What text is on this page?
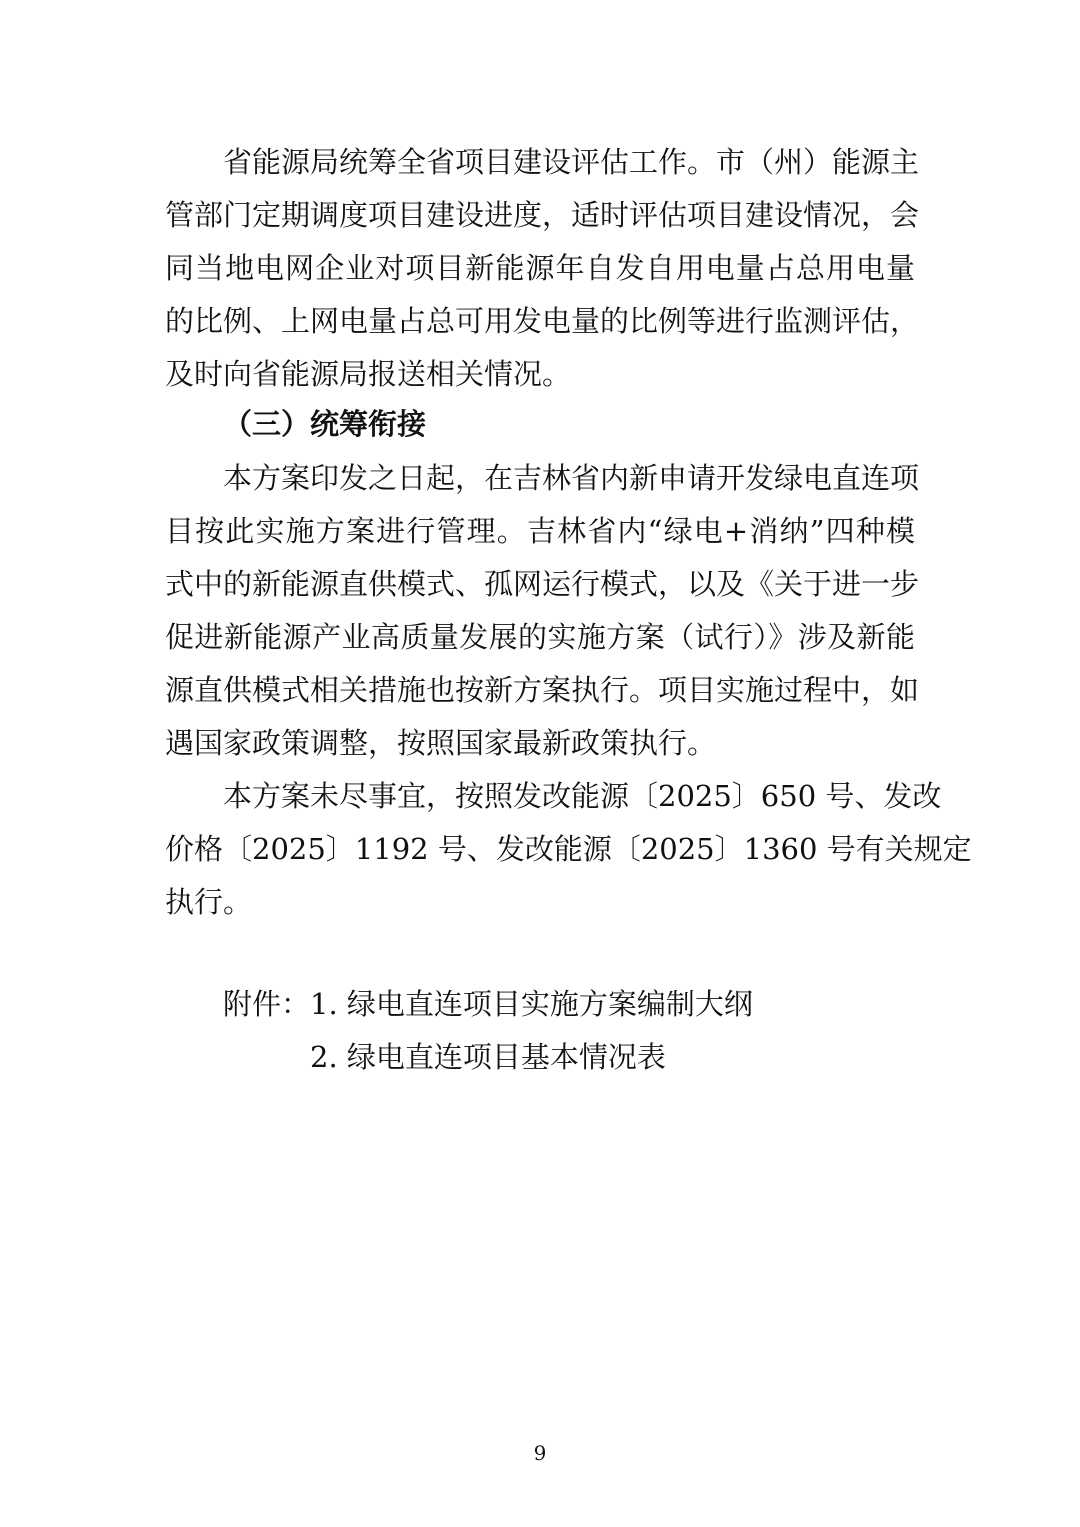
省能源局统筹全省项目建设评估工作。市（州）能源主

管部门定期调度项目建设进度，适时评估项目建设情况，会

同当地电网企业对项目新能源年自发自用电量占总用电量

的比例、上网电量占总可用发电量的比例等进行监测评估，

及时向省能源局报送相关情况。

（三）统筹衔接

本方案印发之日起，在吉林省内新申请开发绿电直连项

目按此实施方案进行管理。吉林省内“绿电+消纳”四种模

式中的新能源直供模式、孤网运行模式，以及《关于进一步

促进新能源产业高质量发展的实施方案（试行）》涉及新能

源直供模式相关措施也按新方案执行。项目实施过程中，如

遇国家政策调整，按照国家最新政策执行。

本方案未尽事宜，按照发改能源〔2025〕650 号、发改

价格〔2025〕1192 号、发改能源〔2025〕1360 号有关规定

执行。

附件： 1. 绿电直连项目实施方案编制大纲

2. 绿电直连项目基本情况表

9
